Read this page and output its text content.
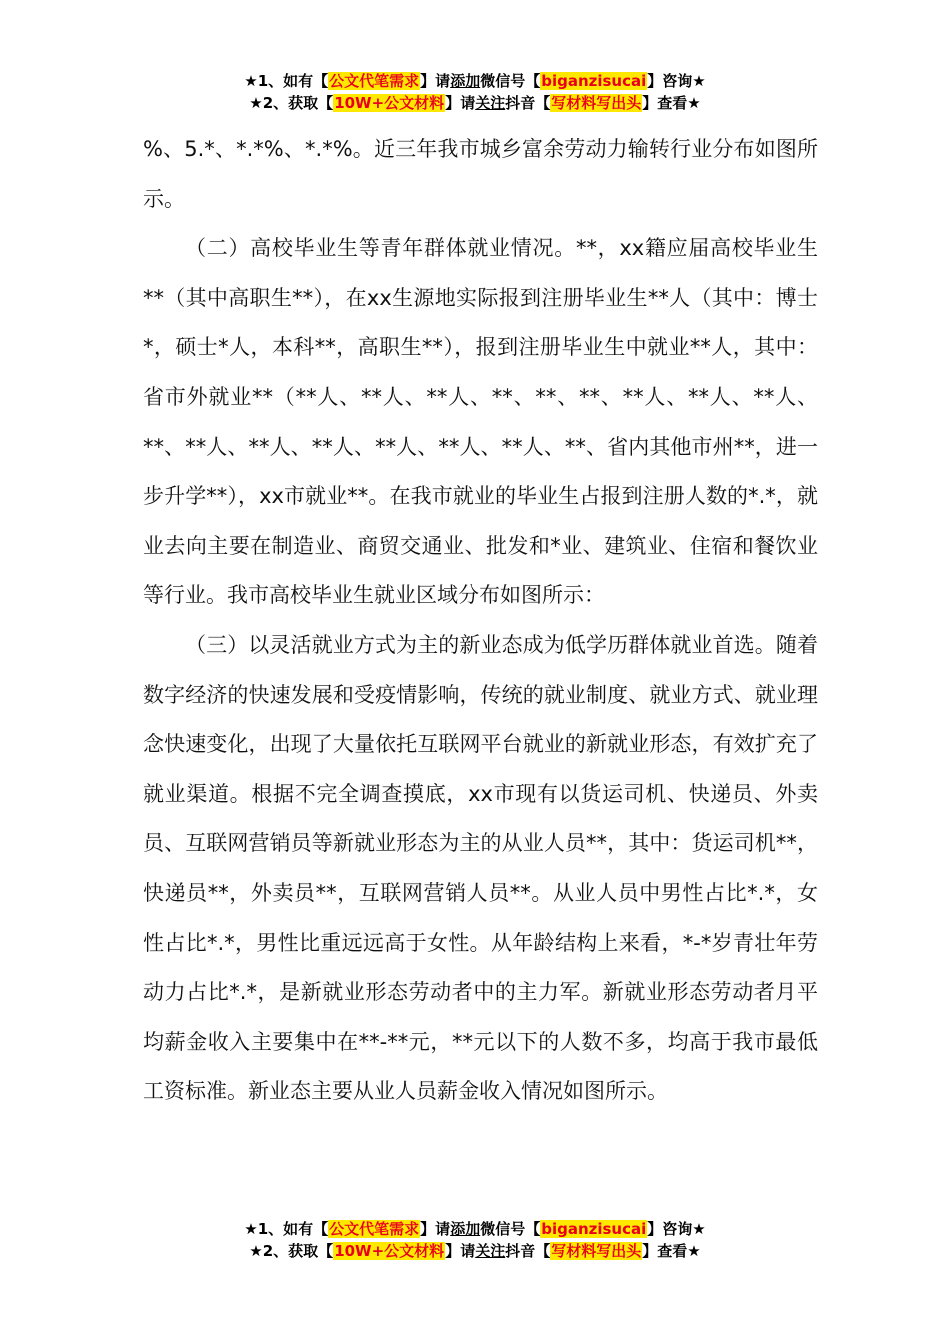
★1、如有【公文代笔需求】请添加微信号【biganzisucai】咨询★
★2、获取【10W+公文材料】请关注抖音【写材料写出头】查看★

%、5.*、*.*%、*.*%。近三年我市城乡富余劳动力输转行业分布如图所示。

（二）高校毕业生等青年群体就业情况。**，xx籍应届高校毕业生**（其中高职生**），在xx生源地实际报到注册毕业生**人（其中：博士*，硕士*人，本科**，高职生**），报到注册毕业生中就业**人，其中：省市外就业**（**人、**人、**人、**、**、**、**人、**人、**人、**、**人、**人、**人、**人、**人、**人、**、省内其他市州**，进一步升学**），xx市就业**。在我市就业的毕业生占报到注册人数的*.*，就业去向主要在制造业、商贸交通业、批发和*业、建筑业、住宿和餐饮业等行业。我市高校毕业生就业区域分布如图所示：

（三）以灵活就业方式为主的新业态成为低学历群体就业首选。随着数字经济的快速发展和受疫情影响，传统的就业制度、就业方式、就业理念快速变化，出现了大量依托互联网平台就业的新就业形态，有效扩充了就业渠道。根据不完全调查摸底，xx市现有以货运司机、快递员、外卖员、互联网营销员等新就业形态为主的从业人员**，其中：货运司机**，快递员**，外卖员**，互联网营销人员**。从业人员中男性占比*.*，女性占比*.*，男性比重远远高于女性。从年龄结构上来看，*-*岁青壮年劳动力占比*.*，是新就业形态劳动者中的主力军。新就业形态劳动者月平均薪金收入主要集中在**-**元，**元以下的人数不多，均高于我市最低工资标准。新业态主要从业人员薪金收入情况如图所示。

★1、如有【公文代笔需求】请添加微信号【biganzisucai】咨询★
★2、获取【10W+公文材料】请关注抖音【写材料写出头】查看★
